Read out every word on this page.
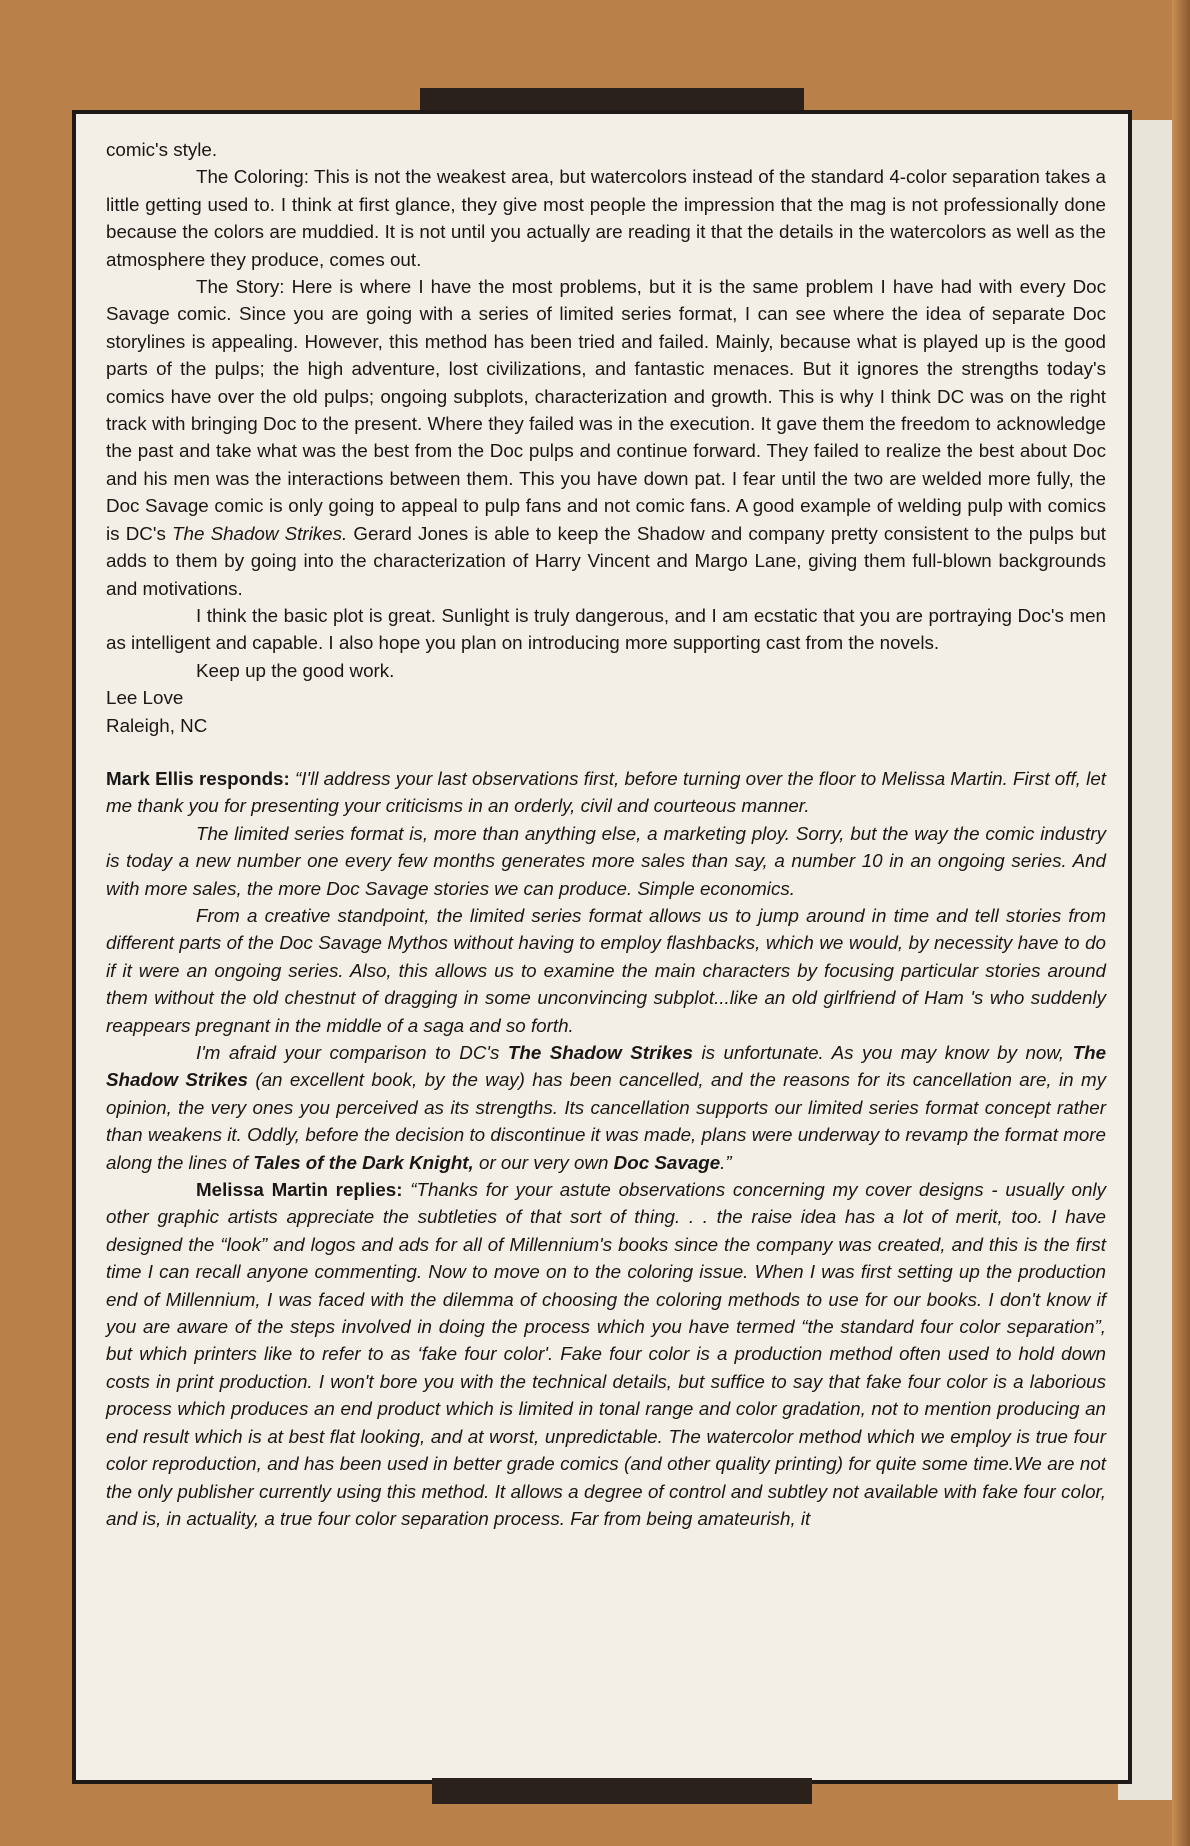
comic's style.

The Coloring: This is not the weakest area, but watercolors instead of the standard 4-color separation takes a little getting used to. I think at first glance, they give most people the impression that the mag is not professionally done because the colors are muddied. It is not until you actually are reading it that the details in the watercolors as well as the atmosphere they produce, comes out.

The Story: Here is where I have the most problems, but it is the same problem I have had with every Doc Savage comic. Since you are going with a series of limited series format, I can see where the idea of separate Doc storylines is appealing. However, this method has been tried and failed. Mainly, because what is played up is the good parts of the pulps; the high adventure, lost civilizations, and fantastic menaces. But it ignores the strengths today's comics have over the old pulps; ongoing subplots, characterization and growth. This is why I think DC was on the right track with bringing Doc to the present. Where they failed was in the execution. It gave them the freedom to acknowledge the past and take what was the best from the Doc pulps and continue forward. They failed to realize the best about Doc and his men was the interactions between them. This you have down pat. I fear until the two are welded more fully, the Doc Savage comic is only going to appeal to pulp fans and not comic fans. A good example of welding pulp with comics is DC's The Shadow Strikes. Gerard Jones is able to keep the Shadow and company pretty consistent to the pulps but adds to them by going into the characterization of Harry Vincent and Margo Lane, giving them full-blown backgrounds and motivations.

I think the basic plot is great. Sunlight is truly dangerous, and I am ecstatic that you are portraying Doc's men as intelligent and capable. I also hope you plan on introducing more supporting cast from the novels.

Keep up the good work.

Lee Love

Raleigh, NC

Mark Ellis responds: “I'll address your last observations first, before turning over the floor to Melissa Martin. First off, let me thank you for presenting your criticisms in an orderly, civil and courteous manner.

The limited series format is, more than anything else, a marketing ploy. Sorry, but the way the comic industry is today a new number one every few months generates more sales than say, a number 10 in an ongoing series. And with more sales, the more Doc Savage stories we can produce. Simple economics.

From a creative standpoint, the limited series format allows us to jump around in time and tell stories from different parts of the Doc Savage Mythos without having to employ flashbacks, which we would, by necessity have to do if it were an ongoing series. Also, this allows us to examine the main characters by focusing particular stories around them without the old chestnut of dragging in some unconvincing subplot...like an old girlfriend of Ham 's who suddenly reappears pregnant in the middle of a saga and so forth.

I'm afraid your comparison to DC's The Shadow Strikes is unfortunate. As you may know by now, The Shadow Strikes (an excellent book, by the way) has been cancelled, and the reasons for its cancellation are, in my opinion, the very ones you perceived as its strengths. Its cancellation supports our limited series format concept rather than weakens it. Oddly, before the decision to discontinue it was made, plans were underway to revamp the format more along the lines of Tales of the Dark Knight, or our very own Doc Savage.”

Melissa Martin replies: “Thanks for your astute observations concerning my cover designs - usually only other graphic artists appreciate the subtleties of that sort of thing. . . the raise idea has a lot of merit, too. I have designed the “look” and logos and ads for all of Millennium's books since the company was created, and this is the first time I can recall anyone commenting. Now to move on to the coloring issue. When I was first setting up the production end of Millennium, I was faced with the dilemma of choosing the coloring methods to use for our books. I don't know if you are aware of the steps involved in doing the process which you have termed “the standard four color separation”, but which printers like to refer to as ‘fake four color'. Fake four color is a production method often used to hold down costs in print production. I won't bore you with the technical details, but suffice to say that fake four color is a laborious process which produces an end product which is limited in tonal range and color gradation, not to mention producing an end result which is at best flat looking, and at worst, unpredictable. The watercolor method which we employ is true four color reproduction, and has been used in better grade comics (and other quality printing) for quite some time.We are not the only publisher currently using this method. It allows a degree of control and subtley not available with fake four color, and is, in actuality, a true four color separation process. Far from being amateurish, it
